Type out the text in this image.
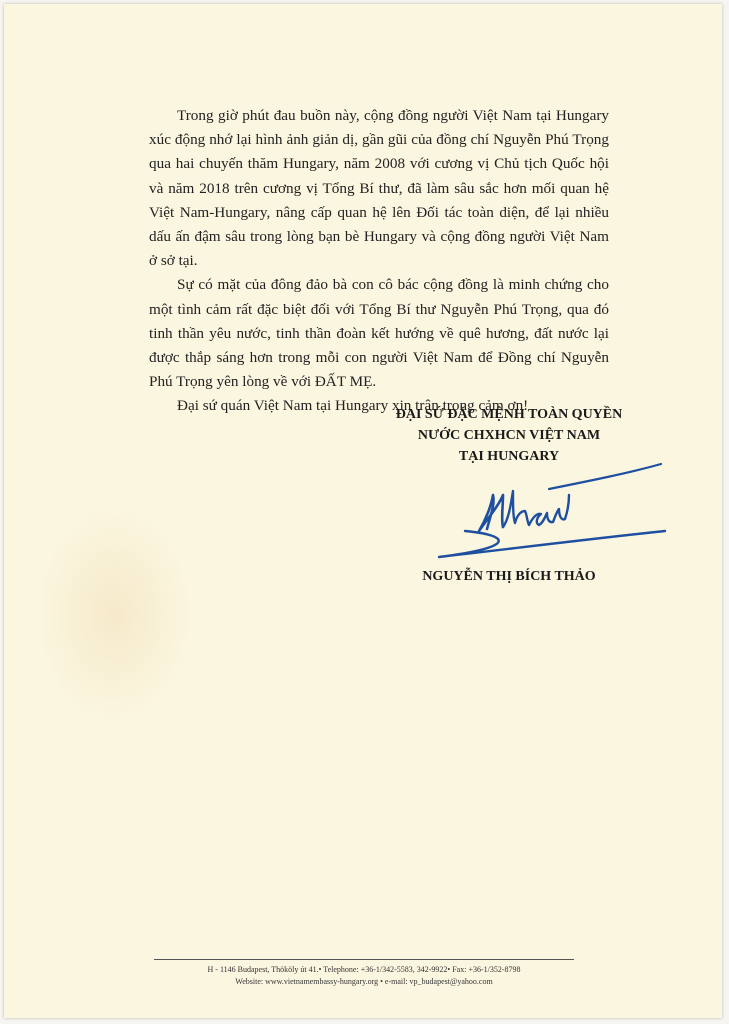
Trong giờ phút đau buồn này, cộng đồng người Việt Nam tại Hungary xúc động nhớ lại hình ảnh giản dị, gần gũi của đồng chí Nguyễn Phú Trọng qua hai chuyến thăm Hungary, năm 2008 với cương vị Chủ tịch Quốc hội và năm 2018 trên cương vị Tổng Bí thư, đã làm sâu sắc hơn mối quan hệ Việt Nam-Hungary, nâng cấp quan hệ lên Đối tác toàn diện, để lại nhiều dấu ấn đậm sâu trong lòng bạn bè Hungary và cộng đồng người Việt Nam ở sở tại.

Sự có mặt của đông đảo bà con cô bác cộng đồng là minh chứng cho một tình cảm rất đặc biệt đối với Tổng Bí thư Nguyễn Phú Trọng, qua đó tinh thần yêu nước, tinh thần đoàn kết hướng về quê hương, đất nước lại được thắp sáng hơn trong mỗi con người Việt Nam để Đồng chí Nguyễn Phú Trọng yên lòng về với ĐẤT MẸ.

Đại sứ quán Việt Nam tại Hungary xin trân trọng cảm ơn!

ĐẠI SỨ ĐẶC MỆNH TOÀN QUYỀN
NƯỚC CHXHCN VIỆT NAM
TẠI HUNGARY
NGUYỄN THỊ BÍCH THẢO
H - 1146 Budapest, Thököly út 41.• Telephone: +36-1/342-5583, 342-9922• Fax: +36-1/352-8798
Website: www.vietnamembassy-hungary.org • e-mail: vp_budapest@yahoo.com
